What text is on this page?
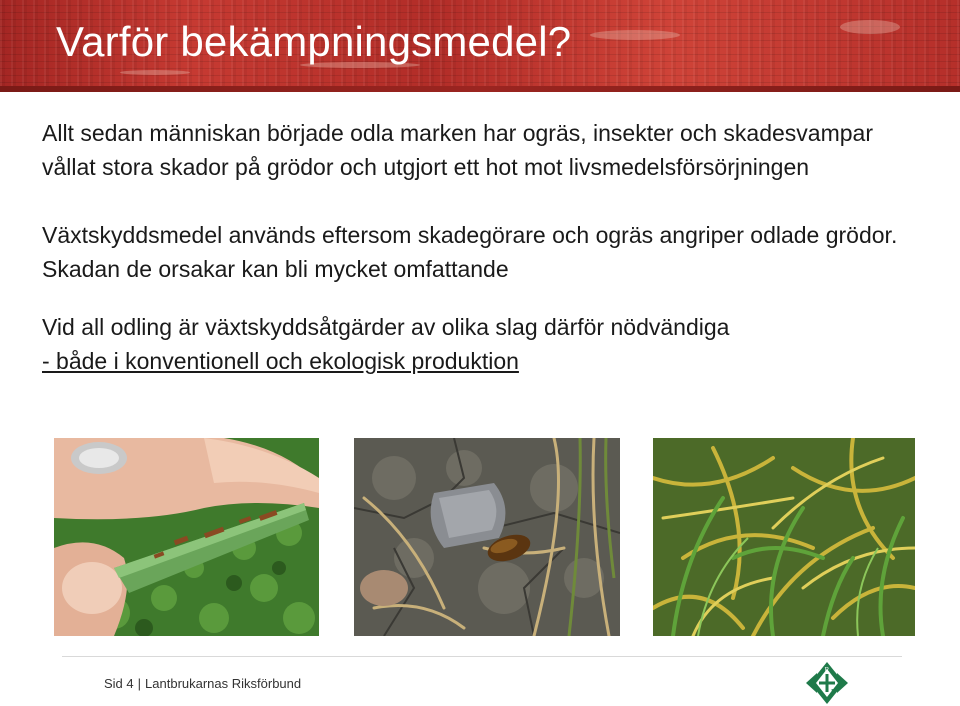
Varför bekämpningsmedel?

Allt sedan människan började odla marken har ogräs, insekter och skadesvampar vållat stora skador på grödor och utgjort ett hot mot livsmedelsförsörjningen

Växtskyddsmedel används eftersom skadegörare och ogräs angriper odlade grödor. Skadan de orsakar kan bli mycket omfattande

Vid all odling är växtskyddsåtgärder av olika slag därför nödvändiga
- både i konventionell och ekologisk produktion

Sid 4 | Lantbrukarnas Riksförbund
R
L F
